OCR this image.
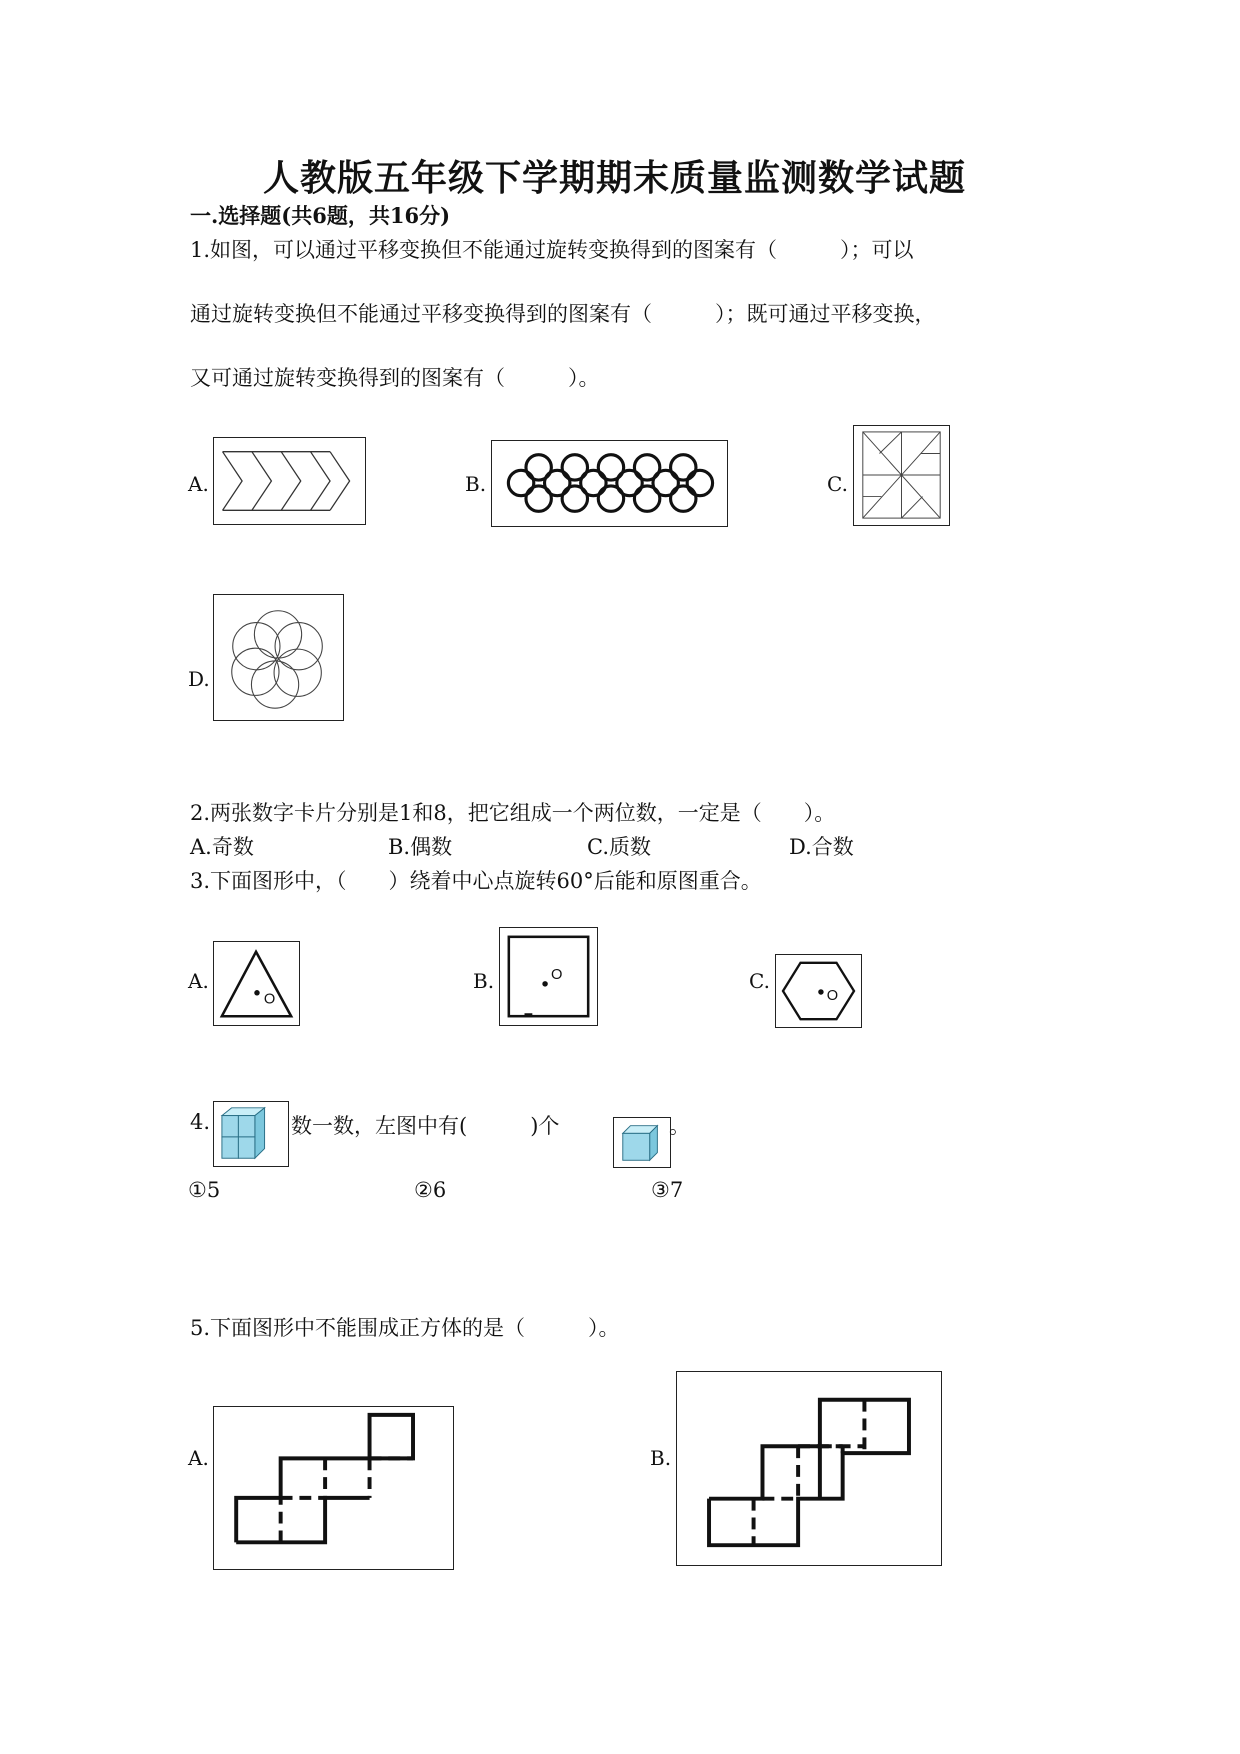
人教版五年级下学期期末质量监测数学试题
一.选择题(共6题，共16分)
1.如图，可以通过平移变换但不能通过旋转变换得到的图案有（　　　）；可以
通过旋转变换但不能通过平移变换得到的图案有（　　　）；既可通过平移变换，
又可通过旋转变换得到的图案有（　　　）。
A.	B.	C.
D.
2.两张数字卡片分别是1和8，把它组成一个两位数，一定是（　　）。
A.奇数	B.偶数	C.质数	D.合数
3.下面图形中，（　　）绕着中心点旋转60°后能和原图重合。
A.
O
B.	O	C.
O
4.	数一数，左图中有(　　　)个	。
①5	②6	③7
5.下面图形中不能围成正方体的是（　　　）。
A.	B.
